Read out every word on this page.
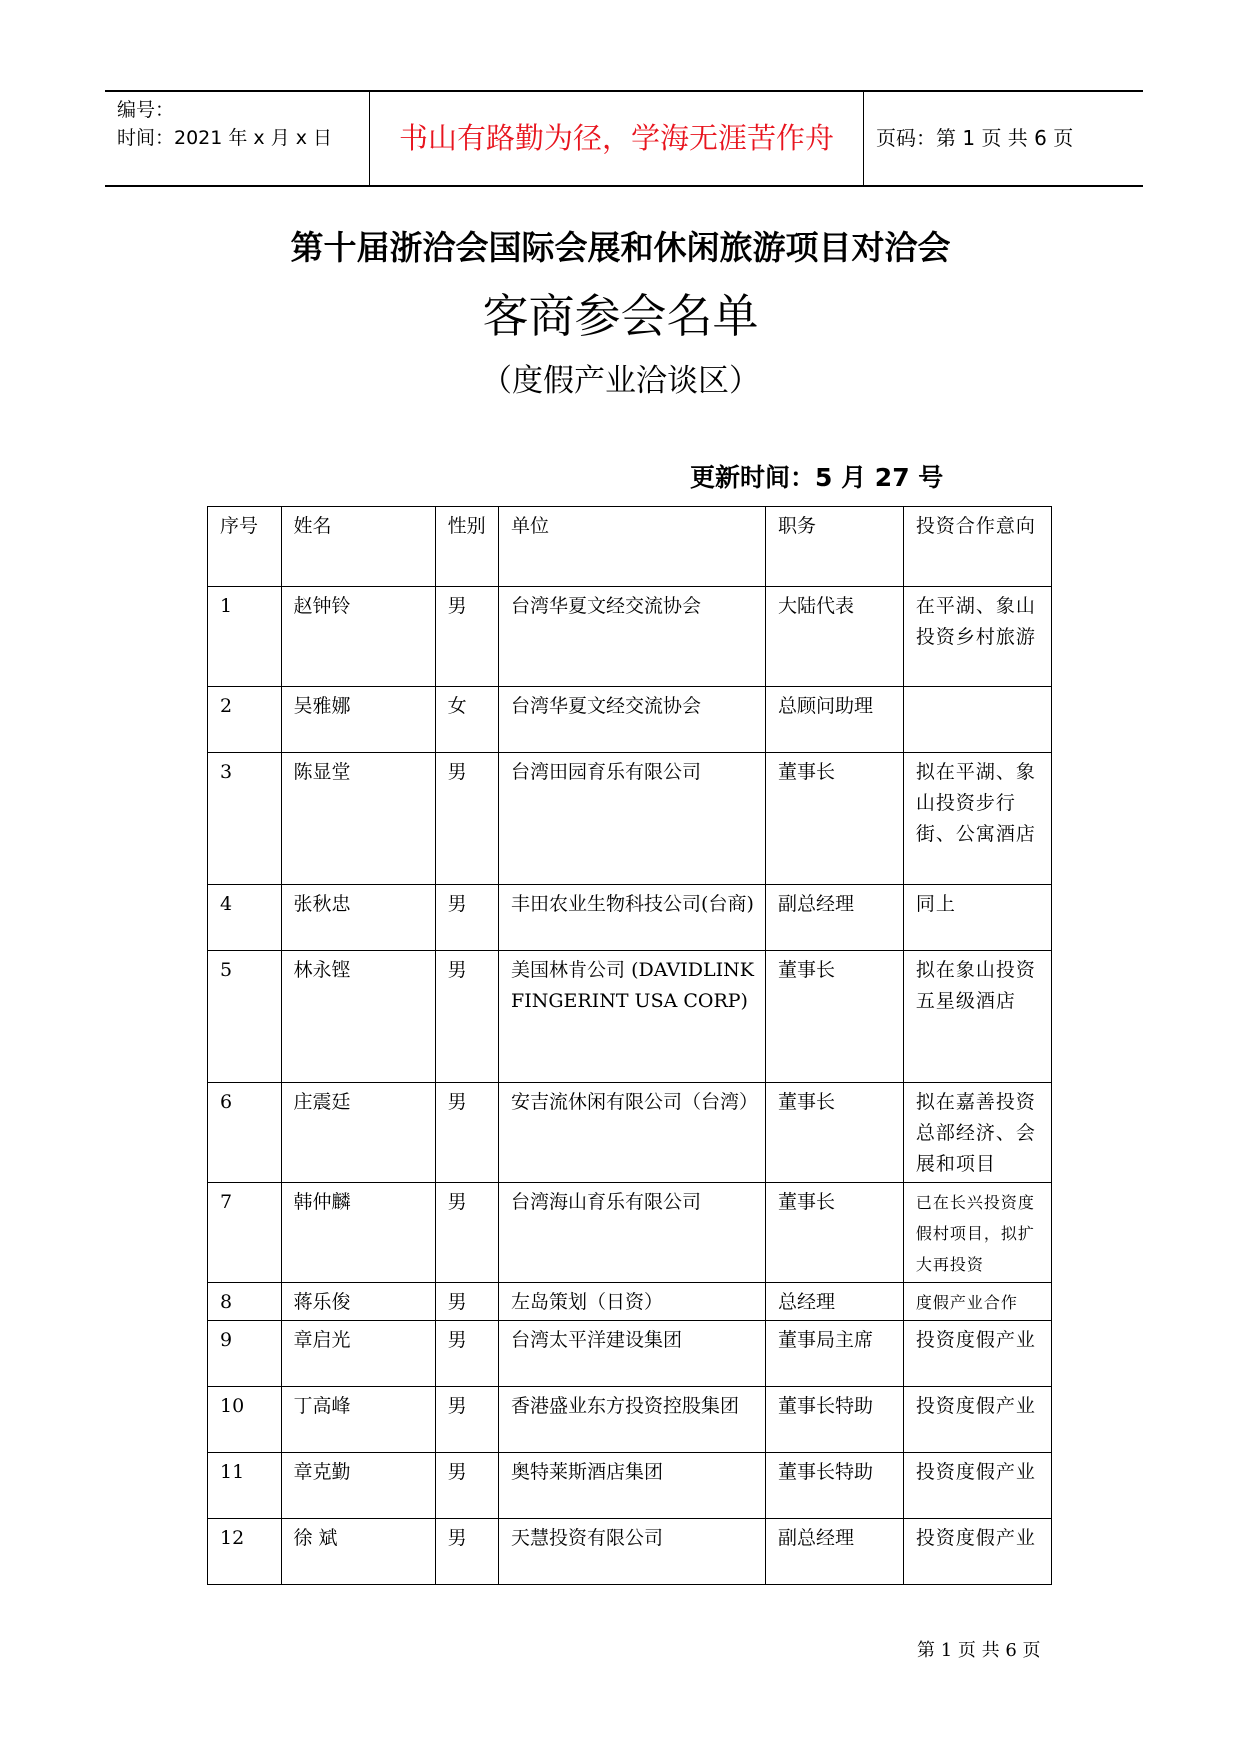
编号：
时间：2021 年 x 月 x 日	书山有路勤为径，学海无涯苦作舟	页码：第 1 页 共 6 页
第十届浙洽会国际会展和休闲旅游项目对洽会
客商参会名单
（度假产业洽谈区）
更新时间：5 月 27 号
序号	姓名	性别	单位	职务	投资合作意向
1	赵钟铃	男	台湾华夏文经交流协会	大陆代表	在平湖、象山投资乡村旅游
2	吴雅娜	女	台湾华夏文经交流协会	总顾问助理	
3	陈显堂	男	台湾田园育乐有限公司	董事长	拟在平湖、象山投资步行街、公寓酒店
4	张秋忠	男	丰田农业生物科技公司(台商)	副总经理	同上
5	林永铿	男	美国林肯公司 (DAVIDLINK FINGERINT USA CORP)	董事长	拟在象山投资五星级酒店
6	庄震廷	男	安吉流休闲有限公司（台湾）	董事长	拟在嘉善投资总部经济、会展和项目
7	韩仲麟	男	台湾海山育乐有限公司	董事长	已在长兴投资度假村项目，拟扩大再投资
8	蒋乐俊	男	左岛策划（日资）	总经理	度假产业合作
9	章启光	男	台湾太平洋建设集团	董事局主席	投资度假产业
10	丁高峰	男	香港盛业东方投资控股集团	董事长特助	投资度假产业
11	章克勤	男	奥特莱斯酒店集团	董事长特助	投资度假产业
12	徐 斌	男	天慧投资有限公司	副总经理	投资度假产业
第 1 页 共 6 页
